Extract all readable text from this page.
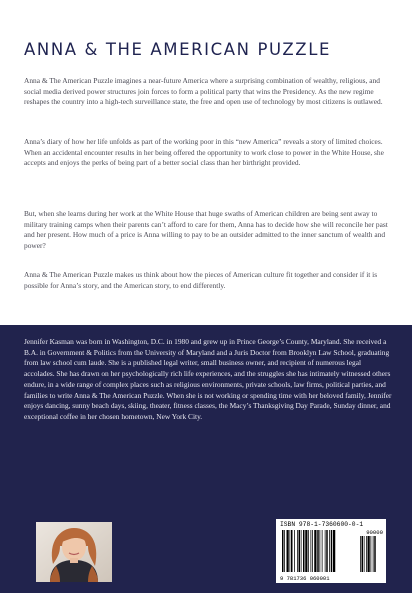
ANNA & THE AMERICAN PUZZLE

Anna & The American Puzzle imagines a near-future America where a surprising combination of wealthy, religious, and social media derived power structures join forces to form a political party that wins the Presidency. As the new regime reshapes the country into a high-tech surveillance state, the free and open use of technology by most citizens is outlawed.

Anna’s diary of how her life unfolds as part of the working poor in this “new America” reveals a story of limited choices. When an accidental encounter results in her being offered the opportunity to work close to power in the White House, she accepts and enjoys the perks of being part of a better social class than her birthright provided.

But, when she learns during her work at the White House that huge swaths of American children are being sent away to military training camps when their parents can’t afford to care for them, Anna has to decide how she will reconcile her past and her present. How much of a price is Anna willing to pay to be an outsider admitted to the inner sanctum of wealth and power?

Anna & The American Puzzle makes us think about how the pieces of American culture fit together and consider if it is possible for Anna’s story, and the American story, to end differently.

Jennifer Kasman was born in Washington, D.C. in 1980 and grew up in Prince George’s County, Maryland. She received a B.A. in Government & Politics from the University of Maryland and a Juris Doctor from Brooklyn Law School, graduating from law school cum laude. She is a published legal writer, small business owner, and recipient of numerous legal accolades. She has drawn on her psychologically rich life experiences, and the struggles she has intimately witnessed others endure, in a wide range of complex places such as religious environments, private schools, law firms, political parties, and families to write Anna & The American Puzzle. When she is not working or spending time with her beloved family, Jennifer enjoys dancing, sunny beach days, skiing, theater, fitness classes, the Macy’s Thanksgiving Day Parade, Sunday dinner, and exceptional coffee in her chosen hometown, New York City.

ISBN 978-1-7360600-0-1
90000
9 781736 060001
